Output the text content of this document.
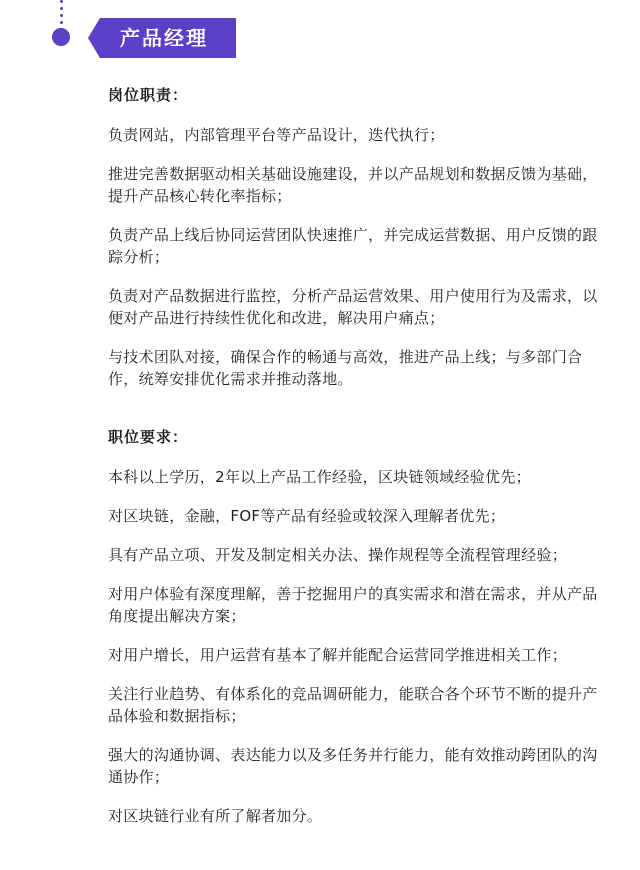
产品经理
岗位职责：
负责网站，内部管理平台等产品设计，迭代执行；
推进完善数据驱动相关基础设施建设，并以产品规划和数据反馈为基础，提升产品核心转化率指标；
负责产品上线后协同运营团队快速推广，并完成运营数据、用户反馈的跟踪分析；
负责对产品数据进行监控，分析产品运营效果、用户使用行为及需求，以便对产品进行持续性优化和改进，解决用户痛点；
与技术团队对接，确保合作的畅通与高效，推进产品上线；与多部门合作，统筹安排优化需求并推动落地。
职位要求：
本科以上学历，2年以上产品工作经验，区块链领域经验优先；
对区块链，金融，FOF等产品有经验或较深入理解者优先；
具有产品立项、开发及制定相关办法、操作规程等全流程管理经验；
对用户体验有深度理解，善于挖掘用户的真实需求和潜在需求，并从产品角度提出解决方案；
对用户增长，用户运营有基本了解并能配合运营同学推进相关工作；
关注行业趋势、有体系化的竞品调研能力，能联合各个环节不断的提升产品体验和数据指标；
强大的沟通协调、表达能力以及多任务并行能力，能有效推动跨团队的沟通协作；
对区块链行业有所了解者加分。
